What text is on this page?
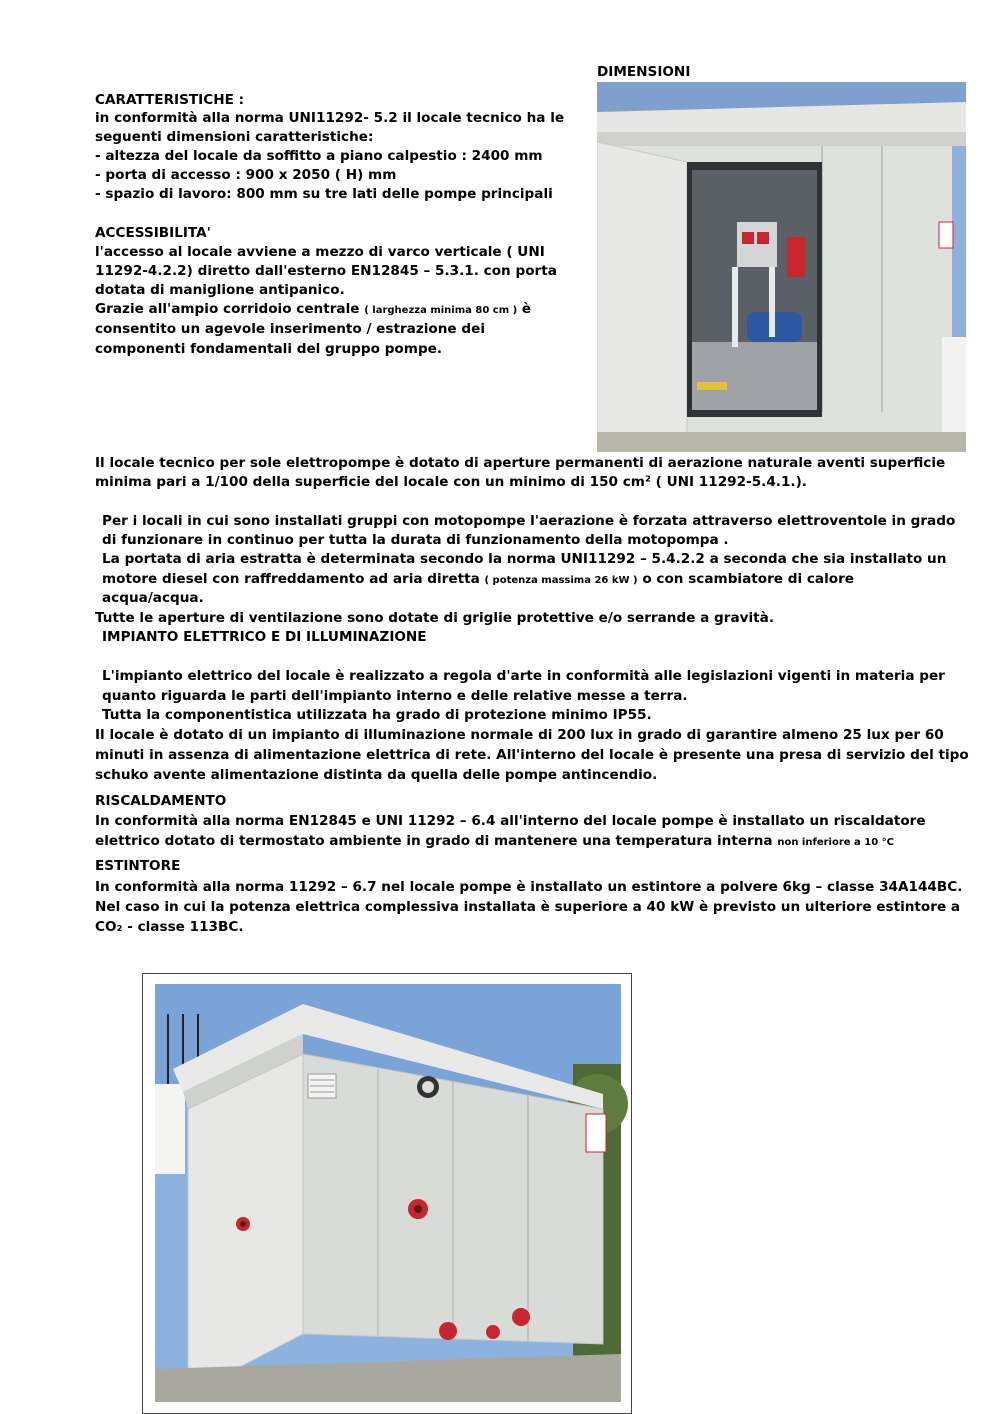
DIMENSIONI
CARATTERISTICHE :
in conformità alla norma UNI11292- 5.2 il locale tecnico ha le
seguenti dimensioni caratteristiche:
- altezza del locale da soffitto a piano calpestio : 2400 mm
- porta di accesso : 900 x 2050 ( H) mm
- spazio di lavoro: 800 mm su tre lati delle pompe principali
ACCESSIBILITA'
l'accesso al locale avviene a mezzo di varco verticale ( UNI
11292-4.2.2) diretto dall'esterno EN12845 – 5.3.1. con porta
dotata di maniglione antipanico.
Grazie all'ampio corridoio centrale ( larghezza minima 80 cm ) è
consentito un agevole inserimento / estrazione dei
componenti fondamentali del gruppo pompe.
Il locale tecnico per sole elettropompe è dotato di aperture permanenti di aerazione naturale aventi superficie
minima pari a 1/100 della superficie del locale con un minimo di 150 cm² ( UNI 11292-5.4.1.).
Per i locali in cui sono installati gruppi con motopompe l'aerazione è forzata attraverso elettroventole in grado
di funzionare in continuo per tutta la durata di funzionamento della motopompa .
La portata di aria estratta è determinata secondo la norma UNI11292 – 5.4.2.2 a seconda che sia installato un
motore diesel con raffreddamento ad aria diretta ( potenza massima 26 kW ) o con scambiatore di calore
acqua/acqua.
Tutte le aperture di ventilazione sono dotate di griglie protettive e/o serrande a gravità.
IMPIANTO ELETTRICO E DI ILLUMINAZIONE
L'impianto elettrico del locale è realizzato a regola d'arte in conformità alle legislazioni vigenti in materia per
quanto riguarda le parti dell'impianto interno e delle relative messe a terra.
Tutta la componentistica utilizzata ha grado di protezione minimo IP55.
Il locale è dotato di un impianto di illuminazione normale di 200 lux in grado di garantire almeno 25 lux per 60
minuti in assenza di alimentazione elettrica di rete. All'interno del locale è presente una presa di servizio del tipo
schuko avente alimentazione distinta da quella delle pompe antincendio.
RISCALDAMENTO
In conformità alla norma EN12845 e UNI 11292 – 6.4 all'interno del locale pompe è installato un riscaldatore
elettrico dotato di termostato ambiente in grado di mantenere una temperatura interna non inferiore a 10 °C
ESTINTORE
In conformità alla norma 11292 – 6.7 nel locale pompe è installato un estintore a polvere 6kg – classe 34A144BC.
Nel caso in cui la potenza elettrica complessiva installata è superiore a 40 kW è previsto un ulteriore estintore a
CO₂ - classe 113BC.
